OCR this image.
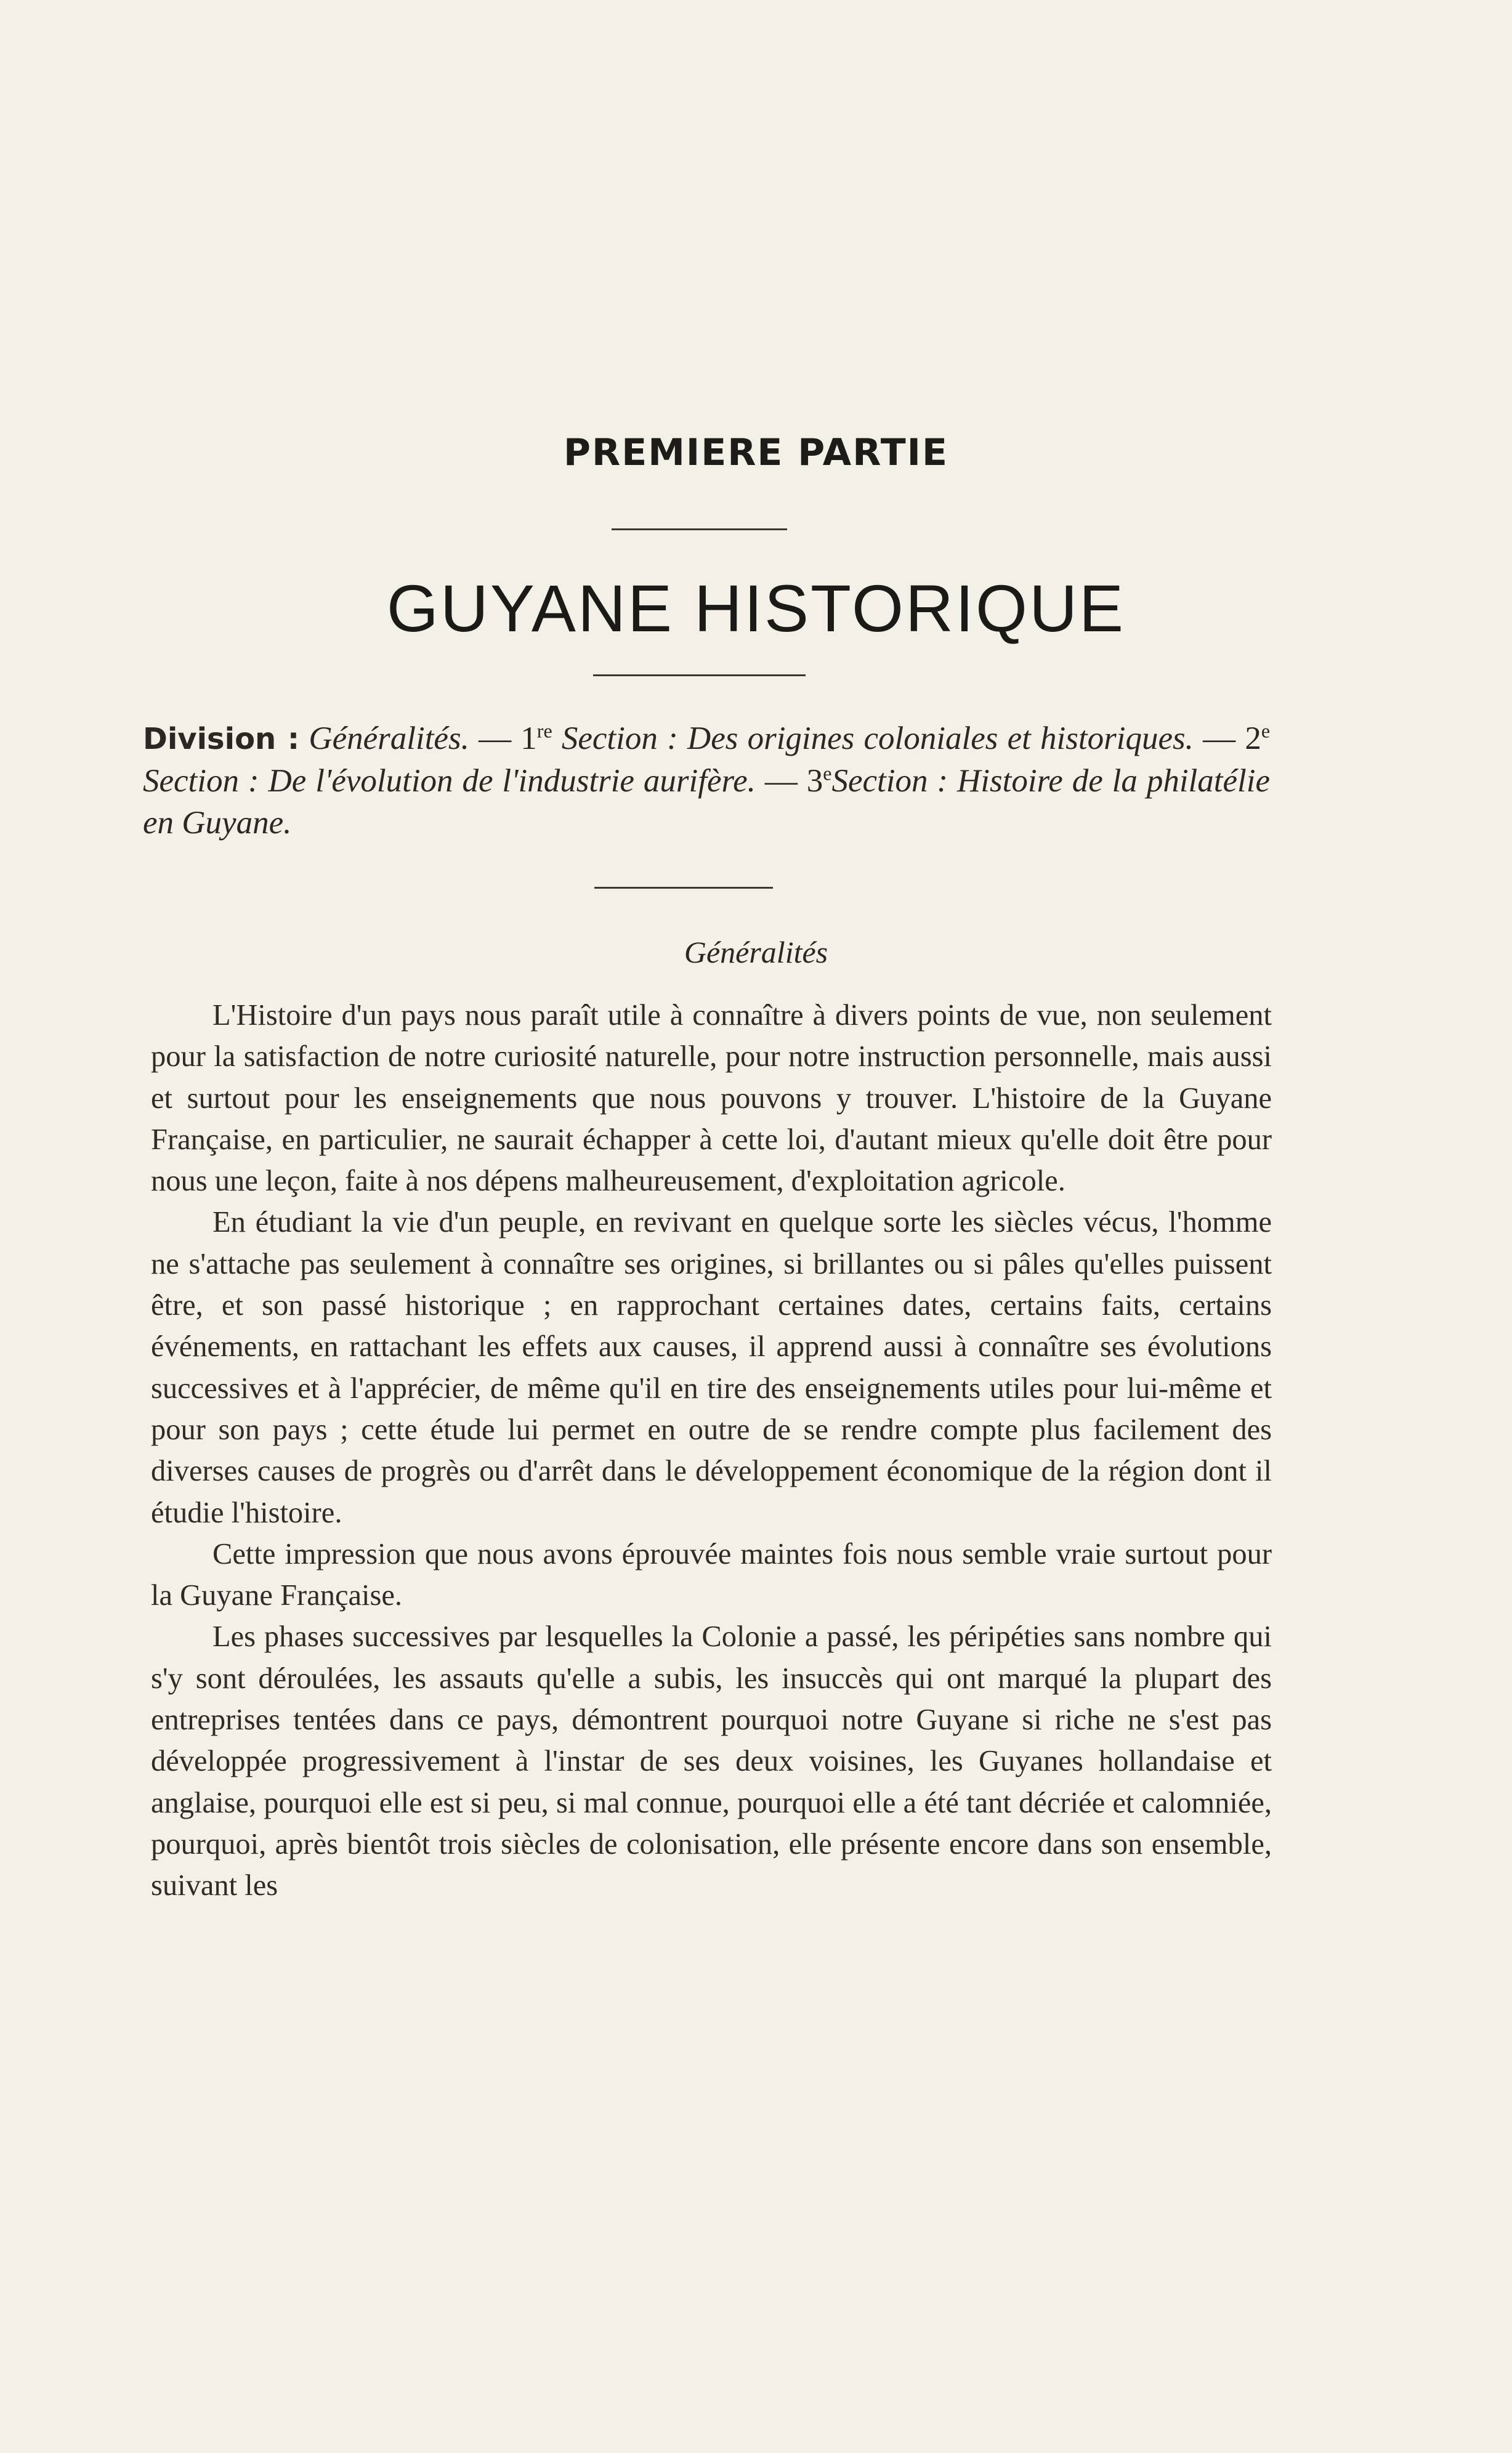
PREMIERE PARTIE
GUYANE HISTORIQUE
Division : Généralités. — 1re Section : Des origines coloniales et historiques. — 2e Section : De l'évolution de l'industrie aurifère. — 3eSection : Histoire de la philatélie en Guyane.
Généralités

L'Histoire d'un pays nous paraît utile à connaître à divers points de vue, non seulement pour la satisfaction de notre curiosité naturelle, pour notre instruction personnelle, mais aussi et surtout pour les enseignements que nous pouvons y trouver. L'histoire de la Guyane Française, en particulier, ne saurait échapper à cette loi, d'autant mieux qu'elle doit être pour nous une leçon, faite à nos dépens malheureusement, d'exploitation agricole.

En étudiant la vie d'un peuple, en revivant en quelque sorte les siècles vécus, l'homme ne s'attache pas seulement à connaître ses origines, si brillantes ou si pâles qu'elles puissent être, et son passé historique ; en rapprochant certaines dates, certains faits, certains événements, en rattachant les effets aux causes, il apprend aussi à connaître ses évolutions successives et à l'apprécier, de même qu'il en tire des enseignements utiles pour lui-même et pour son pays ; cette étude lui permet en outre de se rendre compte plus facilement des diverses causes de progrès ou d'arrêt dans le développement économique de la région dont il étudie l'histoire.

Cette impression que nous avons éprouvée maintes fois nous semble vraie surtout pour la Guyane Française.

Les phases successives par lesquelles la Colonie a passé, les péripéties sans nombre qui s'y sont déroulées, les assauts qu'elle a subis, les insuccès qui ont marqué la plupart des entreprises tentées dans ce pays, démontrent pourquoi notre Guyane si riche ne s'est pas développée progressivement à l'instar de ses deux voisines, les Guyanes hollandaise et anglaise, pourquoi elle est si peu, si mal connue, pourquoi elle a été tant décriée et calomniée, pourquoi, après bientôt trois siècles de colonisation, elle présente encore dans son ensemble, suivant les
